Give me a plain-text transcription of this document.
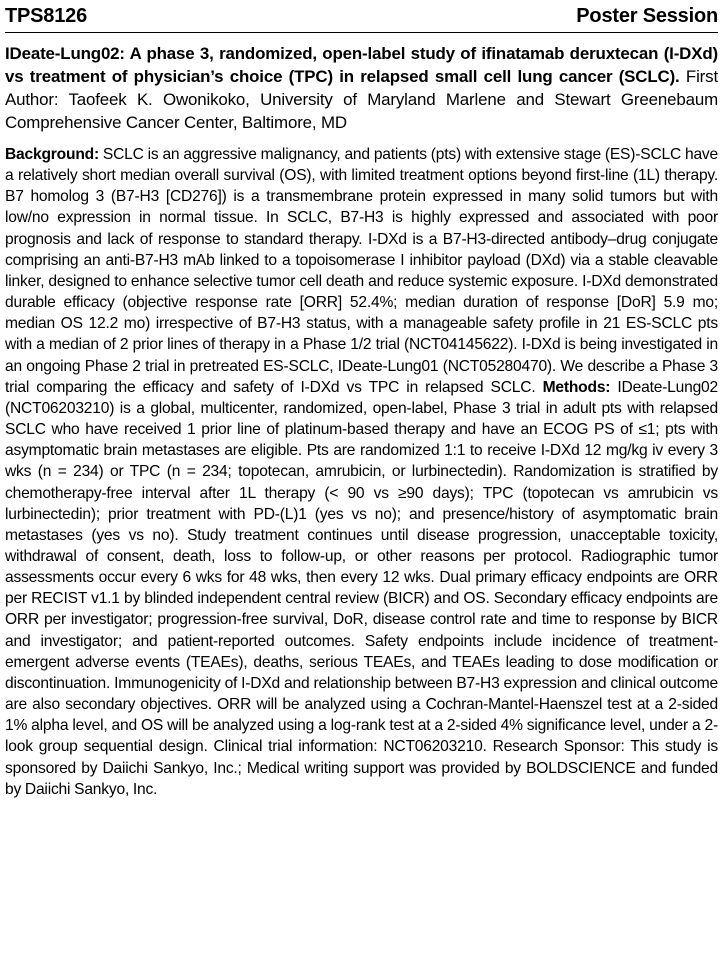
TPS8126	Poster Session
IDeate-Lung02: A phase 3, randomized, open-label study of ifinatamab deruxtecan (I-DXd) vs treatment of physician’s choice (TPC) in relapsed small cell lung cancer (SCLC). First Author: Taofeek K. Owonikoko, University of Maryland Marlene and Stewart Greenebaum Comprehensive Cancer Center, Baltimore, MD
Background: SCLC is an aggressive malignancy, and patients (pts) with extensive stage (ES)-SCLC have a relatively short median overall survival (OS), with limited treatment options beyond first-line (1L) therapy. B7 homolog 3 (B7-H3 [CD276]) is a transmembrane protein expressed in many solid tumors but with low/no expression in normal tissue. In SCLC, B7-H3 is highly expressed and associated with poor prognosis and lack of response to standard therapy. I-DXd is a B7-H3-directed antibody–drug conjugate comprising an anti-B7-H3 mAb linked to a topoisomerase I inhibitor payload (DXd) via a stable cleavable linker, designed to enhance selective tumor cell death and reduce systemic exposure. I-DXd demonstrated durable efficacy (objective response rate [ORR] 52.4%; median duration of response [DoR] 5.9 mo; median OS 12.2 mo) irrespective of B7-H3 status, with a manageable safety profile in 21 ES-SCLC pts with a median of 2 prior lines of therapy in a Phase 1/2 trial (NCT04145622). I-DXd is being investigated in an ongoing Phase 2 trial in pretreated ES-SCLC, IDeate-Lung01 (NCT05280470). We describe a Phase 3 trial comparing the efficacy and safety of I-DXd vs TPC in relapsed SCLC. Methods: IDeate-Lung02 (NCT06203210) is a global, multicenter, randomized, open-label, Phase 3 trial in adult pts with relapsed SCLC who have received 1 prior line of platinum-based therapy and have an ECOG PS of ≤1; pts with asymptomatic brain metastases are eligible. Pts are randomized 1:1 to receive I-DXd 12 mg/kg iv every 3 wks (n = 234) or TPC (n = 234; topotecan, amrubicin, or lurbinectedin). Randomization is stratified by chemotherapy-free interval after 1L therapy (< 90 vs ≥90 days); TPC (topotecan vs amrubicin vs lurbinectedin); prior treatment with PD-(L)1 (yes vs no); and presence/history of asymptomatic brain metastases (yes vs no). Study treatment continues until disease progression, unacceptable toxicity, withdrawal of consent, death, loss to follow-up, or other reasons per protocol. Radiographic tumor assessments occur every 6 wks for 48 wks, then every 12 wks. Dual primary efficacy endpoints are ORR per RECIST v1.1 by blinded independent central review (BICR) and OS. Secondary efficacy endpoints are ORR per investigator; progression-free survival, DoR, disease control rate and time to response by BICR and investigator; and patient-reported outcomes. Safety endpoints include incidence of treatment-emergent adverse events (TEAEs), deaths, serious TEAEs, and TEAEs leading to dose modification or discontinuation. Immunogenicity of I-DXd and relationship between B7-H3 expression and clinical outcome are also secondary objectives. ORR will be analyzed using a Cochran-Mantel-Haenszel test at a 2-sided 1% alpha level, and OS will be analyzed using a log-rank test at a 2-sided 4% significance level, under a 2-look group sequential design. Clinical trial information: NCT06203210. Research Sponsor: This study is sponsored by Daiichi Sankyo, Inc.; Medical writing support was provided by BOLDSCIENCE and funded by Daiichi Sankyo, Inc.
